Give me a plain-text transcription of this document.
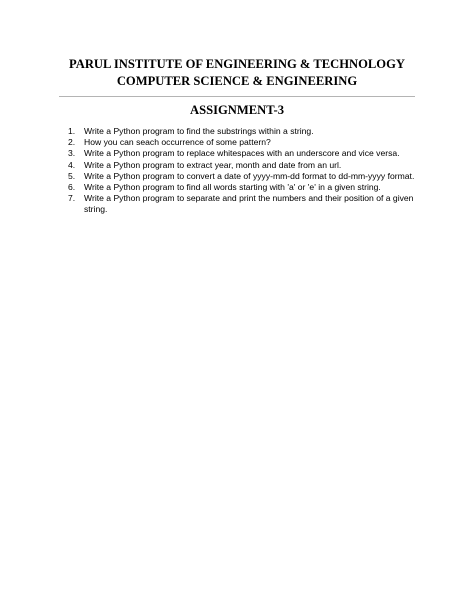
PARUL INSTITUTE OF ENGINEERING & TECHNOLOGY
COMPUTER SCIENCE & ENGINEERING
ASSIGNMENT-3
1. Write a Python program to find the substrings within a string.
2. How you can seach occurrence of some pattern?
3. Write a Python program to replace whitespaces with an underscore and vice versa.
4. Write a Python program to extract year, month and date from an url.
5. Write a Python program to convert a date of yyyy-mm-dd format to dd-mm-yyyy format.
6. Write a Python program to find all words starting with 'a' or 'e' in a given string.
7. Write a Python program to separate and print the numbers and their position of a given string.
